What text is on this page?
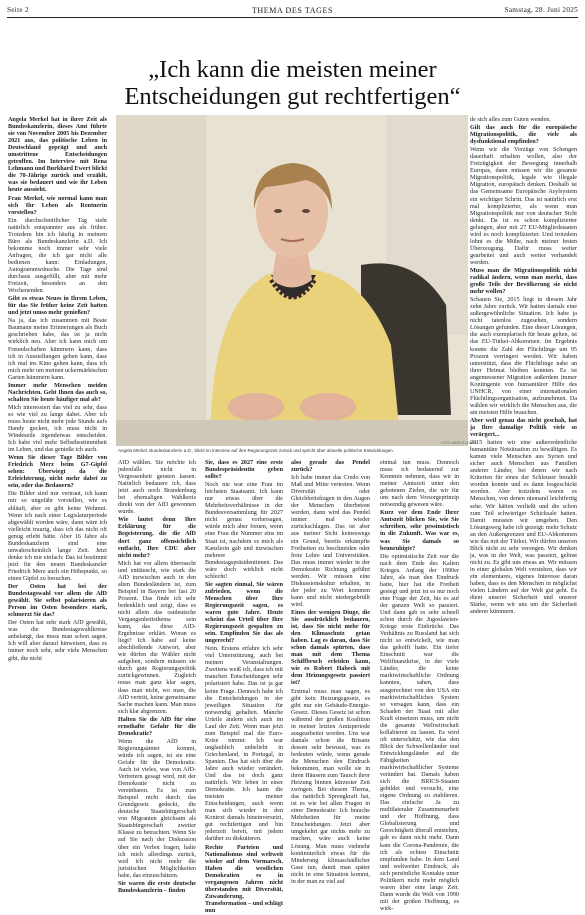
Seite 2	THEMA DES TAGES	Samstag, 28. Juni 2025
„Ich kann die meisten meiner
Entscheidungen gut rechtfertigen“
FOTO: MARCO URBAN
Angela Merkel, Bundeskanzlerin a.D., blickt im Interview auf ihre Regierungszeit zurück und spricht über aktuelle politische Entwicklungen.

Angela Merkel hat in ihrer Zeit als Bundeskanzlerin, dieses Amt führte sie von November 2005 bis Dezember 2021 aus, das politische Leben in Deutschland geprägt und auch umstrittene Entscheidungen getroffen. Im Interview mit Rena Lehmann und Burkhard Ewert blickt die 70-Jährige zurück und erzählt, was sie bedauert und wie ihr Leben heute aussieht.

Frau Merkel, wie normal kann man sich Ihr Leben als Rentnerin vorstellen?

Ein durchschnittlicher Tag sieht natürlich entspannter aus als früher. Trotzdem bin ich häufig in meinem Büro als Bundeskanzlerin a.D. Ich bekomme noch immer sehr viele Anfragen, die ich gar nicht alle bedienen kann: Einladungen, Autogrammwünsche. Die Tage sind durchaus ausgefüllt, aber mit mehr Freizeit, besonders an den Wochenenden.

Gibt es etwas Neues in Ihrem Leben, für das Sie früher keine Zeit hatten und jetzt umso mehr genießen?

Na ja, das ich zusammen mit Beate Baumann meine Erinnerungen als Buch geschrieben habe, das ist ja nicht wirklich neu. Aber ich kann mich um Freundschaften kümmern kann, dass ich in Ausstellungen gehen kann, dass ich mal ins Kino gehen kann, dass ich mich mehr um meinen uckermärkischen Garten kümmern kann.

Immer mehr Menschen meiden Nachrichten. Geht Ihnen das auch so, schalten Sie heute häufiger mal ab?

Mich interessiert das viel zu sehr, dass so wie viel zu lange dabei. Aber ich muss heute nicht mehr jede Stunde aufs Handy gucken, ich muss nicht in Windeseile irgendetwas entscheiden. Ich habe viel mehr Selbstbestimmtheit im Leben, und das genieße ich auch.

Wenn Sie dieser Tage Bilder von Friedrich Merz beim G7-Gipfel sehen: Überwiegt da die Erleichterung, nicht mehr dabei zu sein, oder das Bedauern?

Die Bilder sind mir vertraut, ich kann mir so ungefähr vorstellen, wie es abläuft, aber es gibt keine Wehmut. Wenn ich nach einer Legislaturperiode abgewählt worden wäre, dann wäre ich vielleicht traurig, dass ich das nicht oft genug erlebt hätte. Aber 16 Jahre als Bundeskanzlerin sind eine unwahrscheinlich lange Zeit. Jetzt denke ich mir einfach: Das ist bestimmt jetzt für den neuen Bundeskanzler Friedrich Merz auch ein Höhepunkt, so einen Gipfel zu besuchen.

Der Osten hat bei der Bundestagswahl vor allem die AfD gewählt. Sie selbst polarisieren als Person im Osten besonders stark, schmerzt Sie das?

Der Osten hat sehr stark AfD gewählt, was die Bundestagswahlkreise anbelangt, das muss man schon sagen. Ich will aber darauf hinweisen, dass es immer noch sehr, sehr viele Menschen gibt, die nicht

AfD wählen. Sie möchte ich jedenfalls nicht in Vergessenheit geraten lassen. Natürlich bedauere ich, dass jetzt auch noch Brandenburg bei ehemaligen Wahlkreis direkt von der AfD gewonnen wurde.

Wie lautet denn Ihre Erklärung für die Begeisterung, die die AfD dort ganz offensichtlich entfacht, Ihre CDU aber nicht mehr?

Mich hat vor allem überrascht und enttäuscht, wie stark die AfD inzwischen auch in den alten Bundesländern ist, zum Beispiel in Bayern bei fast 20 Prozent. Das finde ich sehr bedenklich und zeigt, dass es nicht allein das ostdeutsche Vergangenheitsthema sein kann, das diese AfD-Ergebnisse erklärt. Woran es liegt? Ich habe auf keine abschließende Antwort, aber wir dürfen die Wähler nicht aufgeben, sondern müssen sie durch gute Regierungspolitik zurückgewinnen. Zugleich muss man ganz klar sagen, dass man nicht, wo man, die AfD vertritt, keine gemeinsame Sache machen kann. Man muss sich klar abgrenzen.

Halten Sie die AfD für eine ernsthafte Gefahr für die Demokratie?

Wenn die AfD in Regierungsämter kommt, würde ich sagen, ist sie eine Gefahr für die Demokratie. Auch ist vieles, was von AfD-Vertretern gesagt wird, mit der Demokratie nicht zu vereinbaren. Es ist zum Beispiel nicht durch das Grundgesetz gedeckt, die deutsche Staatsbürgerschaft von Migranten gleichsam als Staatsbürgerschaft zweiter Klasse zu betrachten. Wenn Sie auf Sie nach der Diskussion über ein Verbot fragen, halte ich mich allerdings zurück, weil ich nicht mehr die juristischen Möglichkeiten habe, das einzuschätzen.

Sie waren die erste deutsche Bundeskanzlerin – finden

Sie, dass es 2027 eine erste Bundespräsidentin geben sollte?

Noch nie war eine Frau im höchsten Staatsamt. Ich kann nur etwas über die Mehrheitsverhältnisse in der Bundesversammlung für 2027 nicht genau vorhersagen, würde mich aber freuen, wenn eine Frau die Nummer eins im Staat ist, nachdem es mich als Kanzlerin gab und inzwischen mehrere Bundestagspräsidentinnen. Das wäre doch wirklich nicht schlecht!

Sie sagten einmal, Sie wären zufrieden, wenn die Menschen über Ihre Regierungszeit sagen, es waren gute Jahre. Heute scheint das Urteil über Ihre Regierungszeit gespalten zu sein. Empfinden Sie das als ungerecht?

Nein. Erstens erfahre ich sehr viel Unterstützung, auch bei meinen Veranstaltungen. Zweitens weiß ich, dass ich mit manchen Entscheidungen sehr polarisiert habe. Das ist ja gar keine Frage. Dennoch habe ich die Entscheidungen in der jeweiligen Situation für notwendig gehalten. Manche Urteile ändern sich auch im Lauf der Zeit. Wenn man jetzt zum Beispiel mal die Euro-Krise nimmt: Ich war unglaublich unbeliebt in Griechenland, in Portugal, in Spanien. Das hat sich über die Jahre auch wieder verändert. Und das ist doch ganz natürlich. Wir leben in einer Demokratie. Ich kann die meisten meiner Entscheidungen, auch wenn man sich wieder in den Kontext damals hineinversetzt, gut rechtfertigen und bin jederzeit bereit, mit jedem darüber zu diskutieren.

Rechte Parteien und Nationalismus sind weltweit wieder auf dem Vormarsch. Haben die westlichen Demokratien es in vergangenen Jahren nicht überstanden mit Diversität, Zuwanderung, Transformation – und schlägt nun

also gerade das Pendel zurück?

Ich habe immer das Credo von Maß und Mitte vertreten. Wenn Diversität oder Gleichheitsfragen in den Augen der Menschen überbetont werden, dann wird das Pendel immer mal wieder zurückschlagen. Das ist aber aus meiner Sicht keineswegs ein Grund, bereits erkämpfte Freiheiten zu beschneiden oder freie Lehre und Universitäten. Das muss immer wieder in der Demokratie Richtung geführt werden. Wir müssen eine Diskussionskultur erhalten, in der jeder zu Wort kommen kann und nicht niedergebrüllt wird.

Eines der wenigen Dinge, die Sie ausdrücklich bedauern, ist, dass Sie nicht mehr für den Klimaschutz getan haben. Lag es daran, dass Sie schon damals spürten, dass man mit dem Thema Schiffbruch erleiden kann, wie es Robert Habeck mit dem Heizungsgesetz passiert ist?

Erstmal muss man sagen, es gibt kein Heizungsgesetz, es gibt nur ein Gebäude-Energie-Gesetz. Dieses Gesetz ist schon während der großen Koalition in meiner letzten Amtsperiode ausgearbeitet worden. Uns war damals schon die Brisanz dessen sehr bewusst, was es bedeuten würde, wenn gerade die Menschen den Eindruck bekommen, man wolle sie in ihren Häusern zum Tausch ihrer Heizung binnen kürzester Zeit zwingen. Bei diesem Thema, das natürlich Sprengkraft hat, ist es wie bei allen Fragen in einer Demokratie: Ich brauche Mehrheiten für meine Entscheidungen. Jetzt aber umgekehrt gar nichts mehr zu machen, wäre auch keine Lösung. Man muss vielmehr kontinuierlich etwas für die Minderung klimaschädlicher Gase tun, damit man später nicht in eine Situation kommt, in der man zu viel auf

einmal tun muss. Dennoch muss ich bedauernd zur Kenntnis nehmen, dass wir in meiner Amtszeit unter den gebotenen Zielen, die wir für uns nach dem Vorsorgeprinzip notwendig gewesen wäre.

Kurz vor dem Ende Ihrer Amtszeit blicken Sie, wie Sie schreiben, sehr pessimistisch in die Zukunft. Was war es, was Sie damals so beunruhigte?

Die optimistische Zeit war die nach dem Ende des Kalten Krieges. Anfang der 1990er Jahre, als man den Eindruck hatte, hier hat die Freiheit gesiegt und jetzt ist es nur noch eine Frage der Zeit, bis es auf der ganzen Welt so passiert. Und dann gab es sehr schnell schon durch die Jugoslawien-Kriege erste Einbrüche. Das Verhältnis zu Russland hat sich nicht so entwickelt, wie man das gehofft hatte. Ein tiefer Einschnitt war die Weltfinanzkrise, in der viele Länder, die keine marktwirtschaftliche Ordnung kannten, sahen, dass ausgerechnet von den USA ein marktwirtschaftliches System so versagen kann, dass ein Schaden der Staat mit aller Kraft einsetzen muss, um nicht die gesamte Weltwirtschaft kollabieren zu lassen. Es wird oft unterschätzt, wie das den Blick der Schwellenländer und Entwicklungsländer auf die Fähigkeiten marktwirtschaftlicher Systeme verändert hat. Damals haben sich die BRICS-Staaten gebildet und versucht, eine eigene Ordnung zu etablieren. Das einfache Ja zu multilateraler Zusammenarbeit und der Hoffnung, dass Globalisierung und Gerechtigkeit überall entstehen, gab es dann nicht mehr. Dann kam die Corona-Pandemie, die ich als echten Einschnitt empfunden habe. In dem Land und weltweiter Eindruck, als sich persönliche Kontakte unter Politikern nicht mehr möglich waren über eine lange Zeit. Dann wurde die Welt von 1990 mit der großen Hoffnung, es wirk-

de sich alles zum Guten wenden.

Gilt das auch für die europäische Migrationspolitik, die viele als dysfunktional empfinden?

Wenn wir die Vorzüge von Schengen dauerhaft erhalten wollen, also der Freizügigkeit der Bewegung innerhalb Europas, dann müssen wir die gesamte Migrationspolitik, legale wie illegale Migration, europäisch denken. Deshalb ist das Gemeinsame Europäische Asylsystem ein wichtiger Schritt. Das ist natürlich erst mal komplizierter, als wenn man Migrationspolitik nur von deutscher Sicht denkt. Da ist es schon komplizierter gelungen, aber mit 27 EU-Mitgliedstaaten wird es noch komplizierter. Und trotzdem lohnt es die Mühe, nach meiner festen Überzeugung. Dafür muss weiter gearbeitet und auch weiter verhandelt werden.

Muss man die Migrationspolitik nicht radikal ändern, wenn man merkt, dass große Teile der Bevölkerung sie nicht mehr wollen?

Schauen Sie, 2015 liegt in diesem Jahr zehn Jahre zurück. Wir hatten damals eine außergewöhnliche Situation. Ich habe ja nicht tatenlos zugesehen, sondern Lösungen gefunden. Eine dieser Lösungen, die auch exemplarisch für heute gelten, ist das EU-Türkei-Abkommen. Im Ergebnis konnte die Zahl der Flüchtlinge um 95 Prozent verringert werden. Wir haben unterstützt, dass die Flüchtlinge nahe an ihrer Heimat bleiben konnten. Es ist angemessener Migration außerdem immer Kontingente von humanitärer Hilfe des UNHCR, von einer internationalen Flüchtlingsorganisation, aufzunehmen. Da wählen wir wirklich die Menschen aus, die am meisten Hilfe brauchen.

Aber weil genau das nicht geschah, hat ja Ihre damalige Politik viele so verärgert...

2015 hatten wir eine außerordentliche humanitäre Notsituation zu bewältigen. Es kamen viele Menschen aus Syrien und sicher auch Menschen aus Familien anderer Länder, bei denen wir nach Kriterien für eines der Schleuser bezahlt worden konnte und es dann losgeschickt worden. Aber trotzdem waren es Menschen, von denen niemand leichtfertig sehe. Wir hätten verließt und die schon zum Teil schwieriger Schicksale hatten. Damit mussten wir umgehen. Den Lösungsweg habe ich gezeigt: mehr Schutz an den Außengrenzen und EU-Abkommen wie das mit der Türkei. Wir dürfen unseren Blick nicht zu sehr verengen. Wir denken ja, was in der Welt, was passiert, gelinst nicht zu. Es gibt uns etwas an. Wir müssen in einer globalen Welt verstehen, dass wir ein elementares, eigenes Interesse daran haben, dass es den Menschen in möglichst vielen Ländern auf der Welt gut geht. Es dient unserer Sicherheit und unserer Stärke, wenn wir uns um die Sicherheit anderer kümmern.
